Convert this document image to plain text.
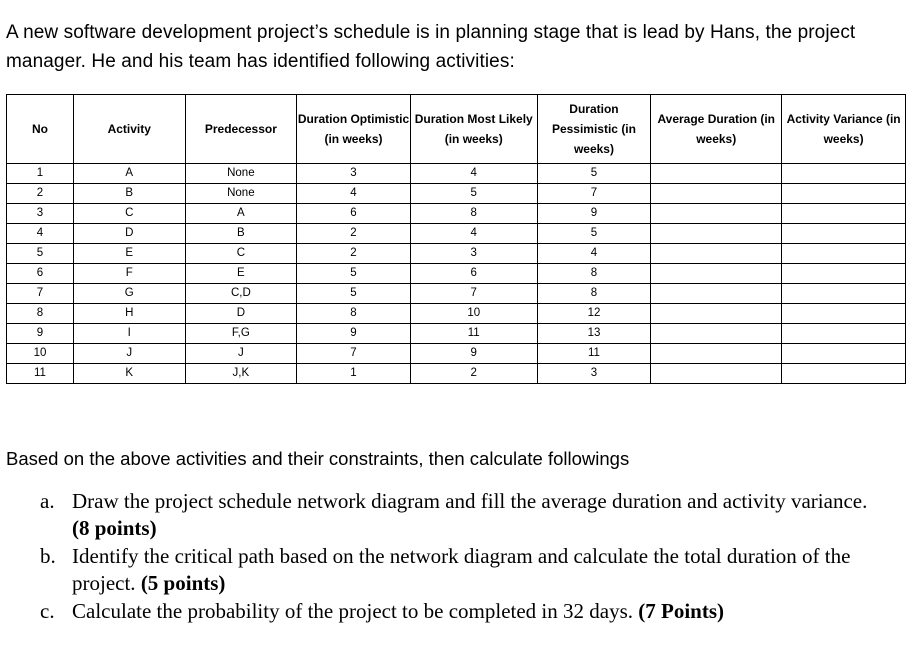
A new software development project’s schedule is in planning stage that is lead by Hans, the project manager. He and his team has identified following activities:

No	Activity	Predecessor	Duration Optimistic (in weeks)	Duration Most Likely (in weeks)	Duration Pessimistic (in weeks)	Average Duration (in weeks)	Activity Variance (in weeks)
1	A	None	3	4	5		
2	B	None	4	5	7		
3	C	A	6	8	9		
4	D	B	2	4	5		
5	E	C	2	3	4		
6	F	E	5	6	8		
7	G	C,D	5	7	8		
8	H	D	8	10	12		
9	I	F,G	9	11	13		
10	J	J	7	9	11		
11	K	J,K	1	2	3		

Based on the above activities and their constraints, then calculate followings

a. Draw the project schedule network diagram and fill the average duration and activity variance. (8 points)
b. Identify the critical path based on the network diagram and calculate the total duration of the project. (5 points)
c. Calculate the probability of the project to be completed in 32 days. (7 Points)
